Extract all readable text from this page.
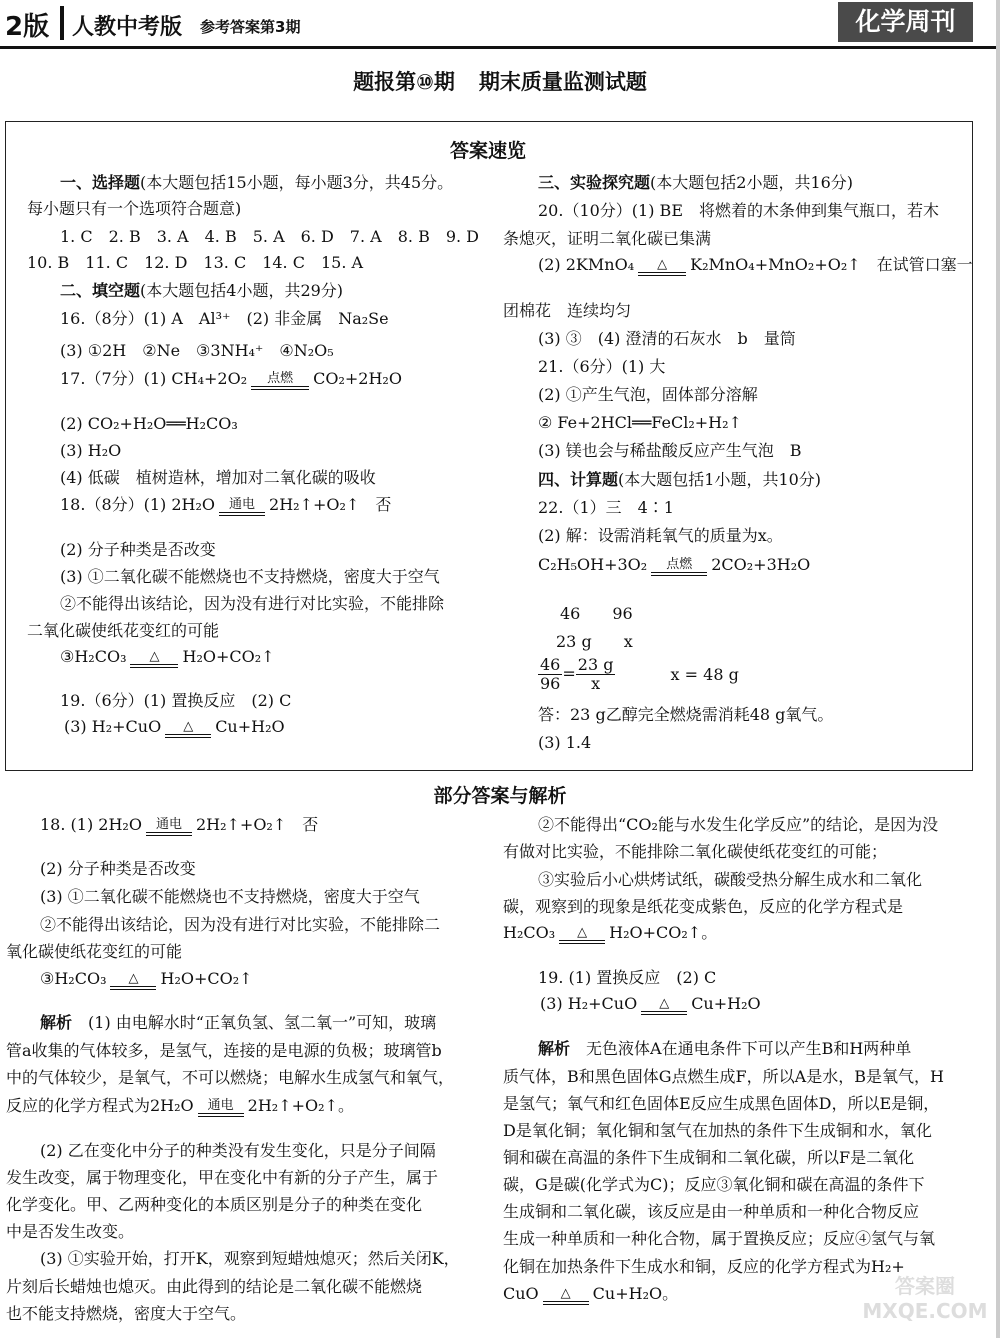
2版 人教中考版 参考答案第3期	化学周刊
题报第⑩期 期末质量监测试题
答案速览
一、选择题(本大题包括15小题，每小题3分，共45分。
每小题只有一个选项符合题意)
1. C　2. B　3. A　4. B　5. A　6. D　7. A　8. B　9. D
10. B　11. C　12. D　13. C　14. C　15. A
二、填空题(本大题包括4小题，共29分)
16.（8分）(1) A　Al³⁺　(2) 非金属　Na₂Se
(3) ①2H　②Ne　③3NH₄⁺　④N₂O₅
17.（7分）(1) CH₄+2O₂	点燃	CO₂+2H₂O
(2) CO₂+H₂O══H₂CO₃
(3) H₂O
(4) 低碳　植树造林，增加对二氧化碳的吸收
18.（8分）(1) 2H₂O	通电 2H₂↑+O₂↑　否
(2) 分子种类是否改变
(3) ①二氧化碳不能燃烧也不支持燃烧，密度大于空气
②不能得出该结论，因为没有进行对比实验，不能排除
二氧化碳使纸花变红的可能
③H₂CO₃	△	H₂O+CO₂↑
19.（6分）(1) 置换反应　(2) C
(3) H₂+CuO	△	Cu+H₂O
三、实验探究题(本大题包括2小题，共16分)
20.（10分）(1) BE　将燃着的木条伸到集气瓶口，若木
条熄灭，证明二氧化碳已集满
(2) 2KMnO₄	△	K₂MnO₄+MnO₂+O₂↑　在试管口塞一
团棉花　连续均匀
(3) ③　(4) 澄清的石灰水　b　量筒
21.（6分）(1) 大
(2) ①产生气泡，固体部分溶解
② Fe+2HCl══FeCl₂+H₂↑
(3) 镁也会与稀盐酸反应产生气泡　B
四、计算题(本大题包括1小题，共10分)
22.（1）三　4∶1
(2) 解：设需消耗氧气的质量为x。
C₂H₅OH+3O₂	点燃	2CO₂+3H₂O
46　　96
23 g　　x
$\frac{46}{96} = \frac{23 g}{x}$	x = 48 g
答：23 g乙醇完全燃烧需消耗48 g氧气。
(3) 1.4
部分答案与解析
18. (1) 2H₂O	通电 2H₂↑+O₂↑　否
(2) 分子种类是否改变
(3) ①二氧化碳不能燃烧也不支持燃烧，密度大于空气
②不能得出该结论，因为没有进行对比实验，不能排除二
氧化碳使纸花变红的可能
③H₂CO₃	△	H₂O+CO₂↑
解析　 (1) 由电解水时“正氧负氢、氢二氧一”可知，玻璃
管a收集的气体较多，是氢气，连接的是电源的负极；玻璃管b
中的气体较少，是氧气，不可以燃烧；电解水生成氢气和氧气，
反应的化学方程式为2H₂O	通电 2H₂↑+O₂↑。
(2) 乙在变化中分子的种类没有发生变化，只是分子间隔
发生改变，属于物理变化，甲在变化中有新的分子产生，属于
化学变化。甲、乙两种变化的本质区别是分子的种类在变化
中是否发生改变。
(3) ①实验开始，打开K，观察到短蜡烛熄灭；然后关闭K，
片刻后长蜡烛也熄灭。由此得到的结论是二氧化碳不能燃烧
也不能支持燃烧，密度大于空气。
②不能得出“CO₂能与水发生化学反应”的结论，是因为没
有做对比实验，不能排除二氧化碳使纸花变红的可能；
③实验后小心烘烤试纸，碳酸受热分解生成水和二氧化
碳，观察到的现象是纸花变成紫色，反应的化学方程式是
H₂CO₃	△	H₂O+CO₂↑。
19. (1) 置换反应　(2) C
(3) H₂+CuO	△	Cu+H₂O
解析　 无色液体A在通电条件下可以产生B和H两种单
质气体，B和黑色固体G点燃生成F，所以A是水，B是氧气，H
是氢气；氧气和红色固体E反应生成黑色固体D，所以E是铜，
D是氧化铜；氧化铜和氢气在加热的条件下生成铜和水，氧化
铜和碳在高温的条件下生成铜和二氧化碳，所以F是二氧化
碳，G是碳(化学式为C)；反应③氧化铜和碳在高温的条件下
生成铜和二氧化碳，该反应是由一种单质和一种化合物反应
生成一种单质和一种化合物，属于置换反应；反应④氢气与氧
化铜在加热条件下生成水和铜，反应的化学方程式为H₂+
CuO	△	Cu+H₂O。	答案圈 MXQE.COM
